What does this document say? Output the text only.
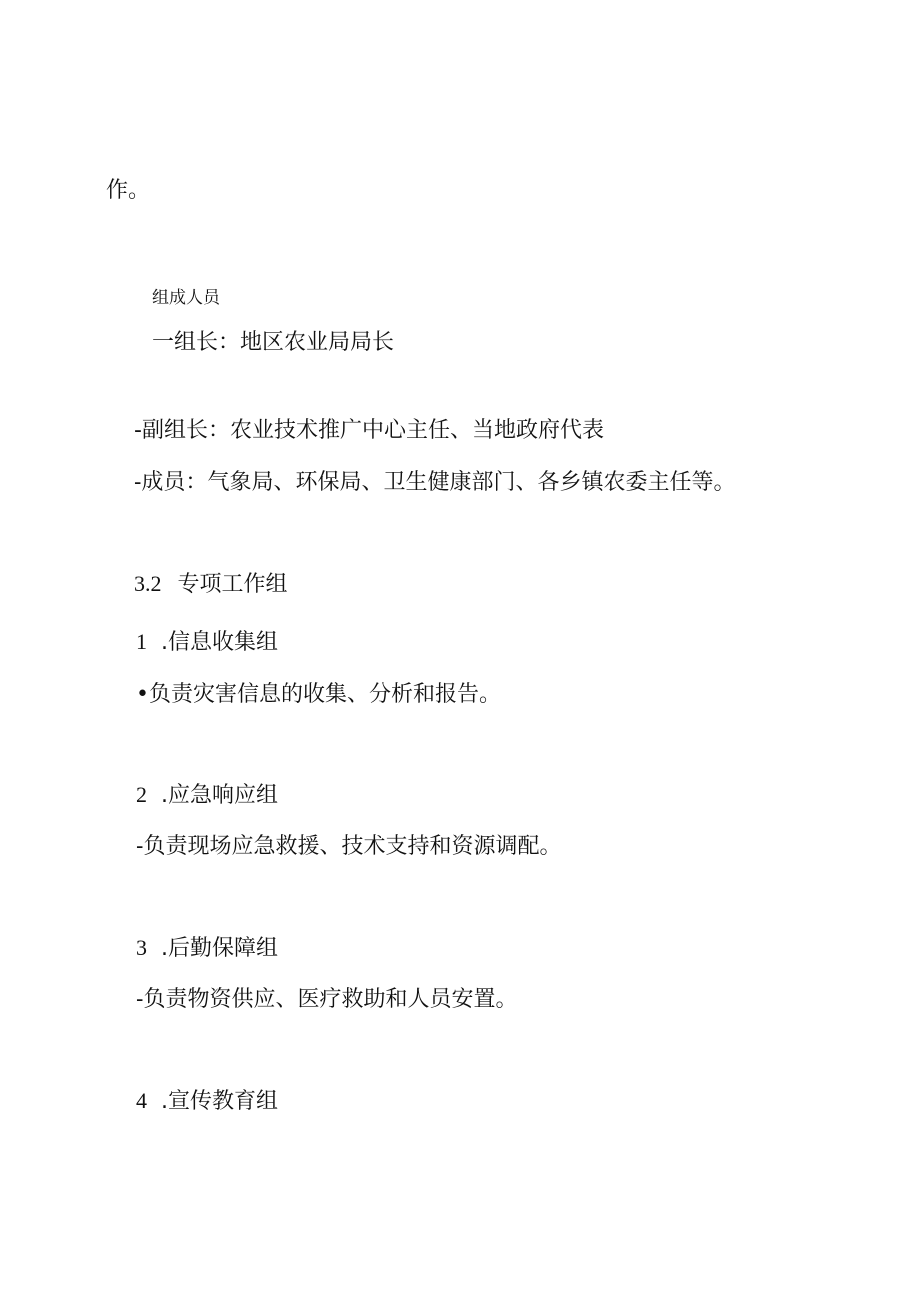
作。
组成人员
一组长：地区农业局局长
-副组长：农业技术推广中心主任、当地政府代表
-成员：气象局、环保局、卫生健康部门、各乡镇农委主任等。
3.2 专项工作组
1 .信息收集组
•负责灾害信息的收集、分析和报告。
2 .应急响应组
-负责现场应急救援、技术支持和资源调配。
3 .后勤保障组
-负责物资供应、医疗救助和人员安置。
4 .宣传教育组
